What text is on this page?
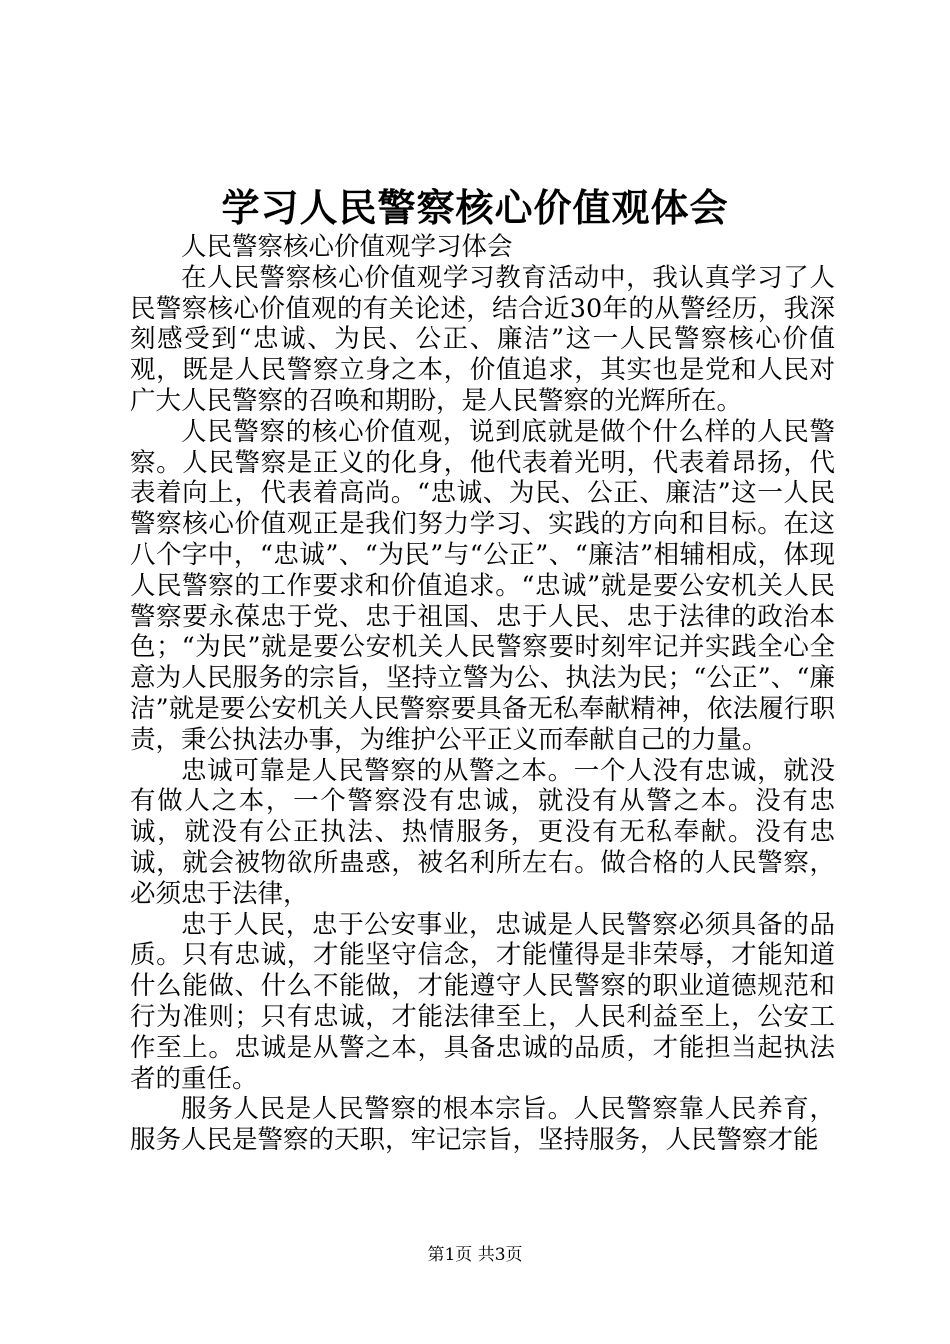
学习人民警察核心价值观体会

人民警察核心价值观学习体会

在人民警察核心价值观学习教育活动中，我认真学习了人民警察核心价值观的有关论述，结合近30年的从警经历，我深刻感受到“忠诚、为民、公正、廉洁”这一人民警察核心价值观，既是人民警察立身之本，价值追求，其实也是党和人民对广大人民警察的召唤和期盼，是人民警察的光辉所在。

人民警察的核心价值观，说到底就是做个什么样的人民警察。人民警察是正义的化身，他代表着光明，代表着昂扬，代表着向上，代表着高尚。“忠诚、为民、公正、廉洁”这一人民警察核心价值观正是我们努力学习、实践的方向和目标。在这八个字中，“忠诚”、“为民”与“公正”、“廉洁”相辅相成，体现人民警察的工作要求和价值追求。“忠诚”就是要公安机关人民警察要永葆忠于党、忠于祖国、忠于人民、忠于法律的政治本色；“为民”就是要公安机关人民警察要时刻牢记并实践全心全意为人民服务的宗旨，坚持立警为公、执法为民；“公正”、“廉洁”就是要公安机关人民警察要具备无私奉献精神，依法履行职责，秉公执法办事，为维护公平正义而奉献自己的力量。

忠诚可靠是人民警察的从警之本。一个人没有忠诚，就没有做人之本，一个警察没有忠诚，就没有从警之本。没有忠诚，就没有公正执法、热情服务，更没有无私奉献。没有忠诚，就会被物欲所蛊惑，被名利所左右。做合格的人民警察，必须忠于法律，

忠于人民，忠于公安事业，忠诚是人民警察必须具备的品质。只有忠诚，才能坚守信念，才能懂得是非荣辱，才能知道什么能做、什么不能做，才能遵守人民警察的职业道德规范和行为准则；只有忠诚，才能法律至上，人民利益至上，公安工作至上。忠诚是从警之本，具备忠诚的品质，才能担当起执法者的重任。

服务人民是人民警察的根本宗旨。人民警察靠人民养育，服务人民是警察的天职，牢记宗旨，坚持服务，人民警察才能

第1页 共3页
